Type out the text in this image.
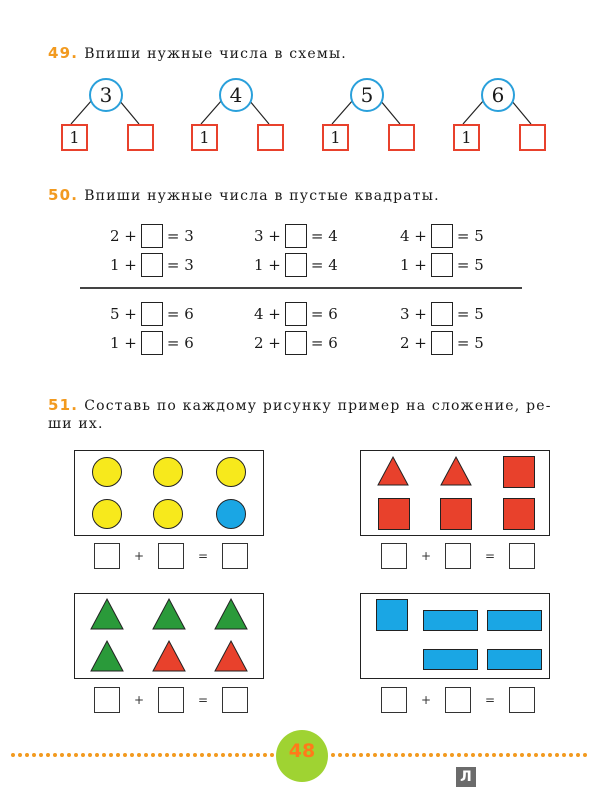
49. Впиши нужные числа в схемы.
3
1
4
1
5
1
6
1
50. Впиши нужные числа в пустые квадраты.
2 + = 3	3 + = 4	4 + = 5
1 + = 3	1 + = 4	1 + = 5
5 + = 6	4 + = 6	3 + = 5
1 + = 6	2 + = 6	2 + = 5
51. Составь по каждому рисунку пример на сложение, ре-
ши их.
+	=	+	=
+	=	+	=
48
Л
